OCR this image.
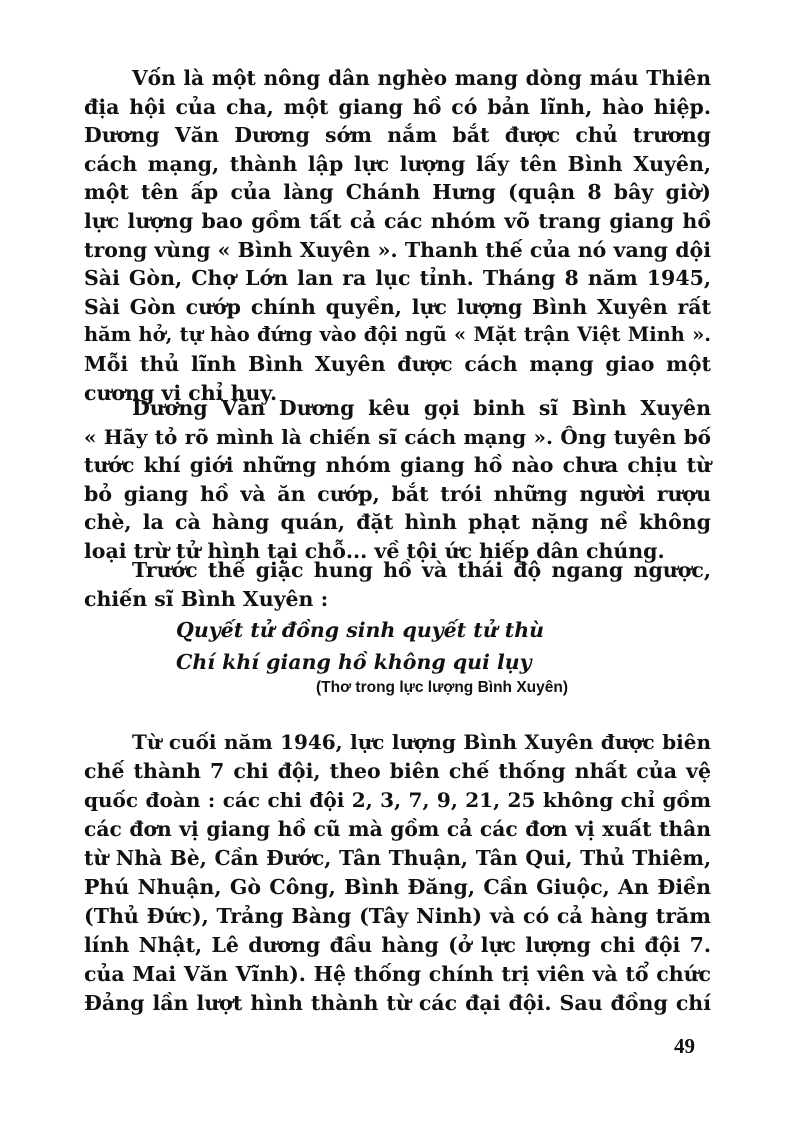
Vốn là một nông dân nghèo mang dòng máu Thiên
địa hội của cha, một giang hồ có bản lĩnh, hào hiệp.
Dương Văn Dương sớm nắm bắt được chủ trương
cách mạng, thành lập lực lượng lấy tên Bình Xuyên,
một tên ấp của làng Chánh Hưng (quận 8 bây giờ)
lực lượng bao gồm tất cả các nhóm võ trang giang hồ
trong vùng « Bình Xuyên ». Thanh thế của nó vang dội
Sài Gòn, Chợ Lớn lan ra lục tỉnh. Tháng 8 năm 1945,
Sài Gòn cướp chính quyền, lực lượng Bình Xuyên rất
hăm hở, tự hào đứng vào đội ngũ « Mặt trận Việt Minh ».
Mỗi thủ lĩnh Bình Xuyên được cách mạng giao một
cương vị chỉ huy.
Dương Văn Dương kêu gọi binh sĩ Bình Xuyên
« Hãy tỏ rõ mình là chiến sĩ cách mạng ». Ông tuyên bố
tước khí giới những nhóm giang hồ nào chưa chịu từ
bỏ giang hồ và ăn cướp, bắt trói những người rượu
chè, la cà hàng quán, đặt hình phạt nặng nề không
loại trừ tử hình tại chỗ... về tội ức hiếp dân chúng.
Trước thế giặc hung hồ và thái độ ngang ngược,
chiến sĩ Bình Xuyên :
Quyết tử đồng sinh quyết tử thù
Chí khí giang hồ không qui lụy
(Thơ trong lực lượng Bình Xuyên)
Từ cuối năm 1946, lực lượng Bình Xuyên được biên
chế thành 7 chi đội, theo biên chế thống nhất của vệ
quốc đoàn : các chi đội 2, 3, 7, 9, 21, 25 không chỉ gồm
các đơn vị giang hồ cũ mà gồm cả các đơn vị xuất thân
từ Nhà Bè, Cần Đước, Tân Thuận, Tân Qui, Thủ Thiêm,
Phú Nhuận, Gò Công, Bình Đăng, Cần Giuộc, An Điền
(Thủ Đức), Trảng Bàng (Tây Ninh) và có cả hàng trăm
lính Nhật, Lê dương đầu hàng (ở lực lượng chi đội 7.
của Mai Văn Vĩnh). Hệ thống chính trị viên và tổ chức
Đảng lần lượt hình thành từ các đại đội. Sau đồng chí
49
